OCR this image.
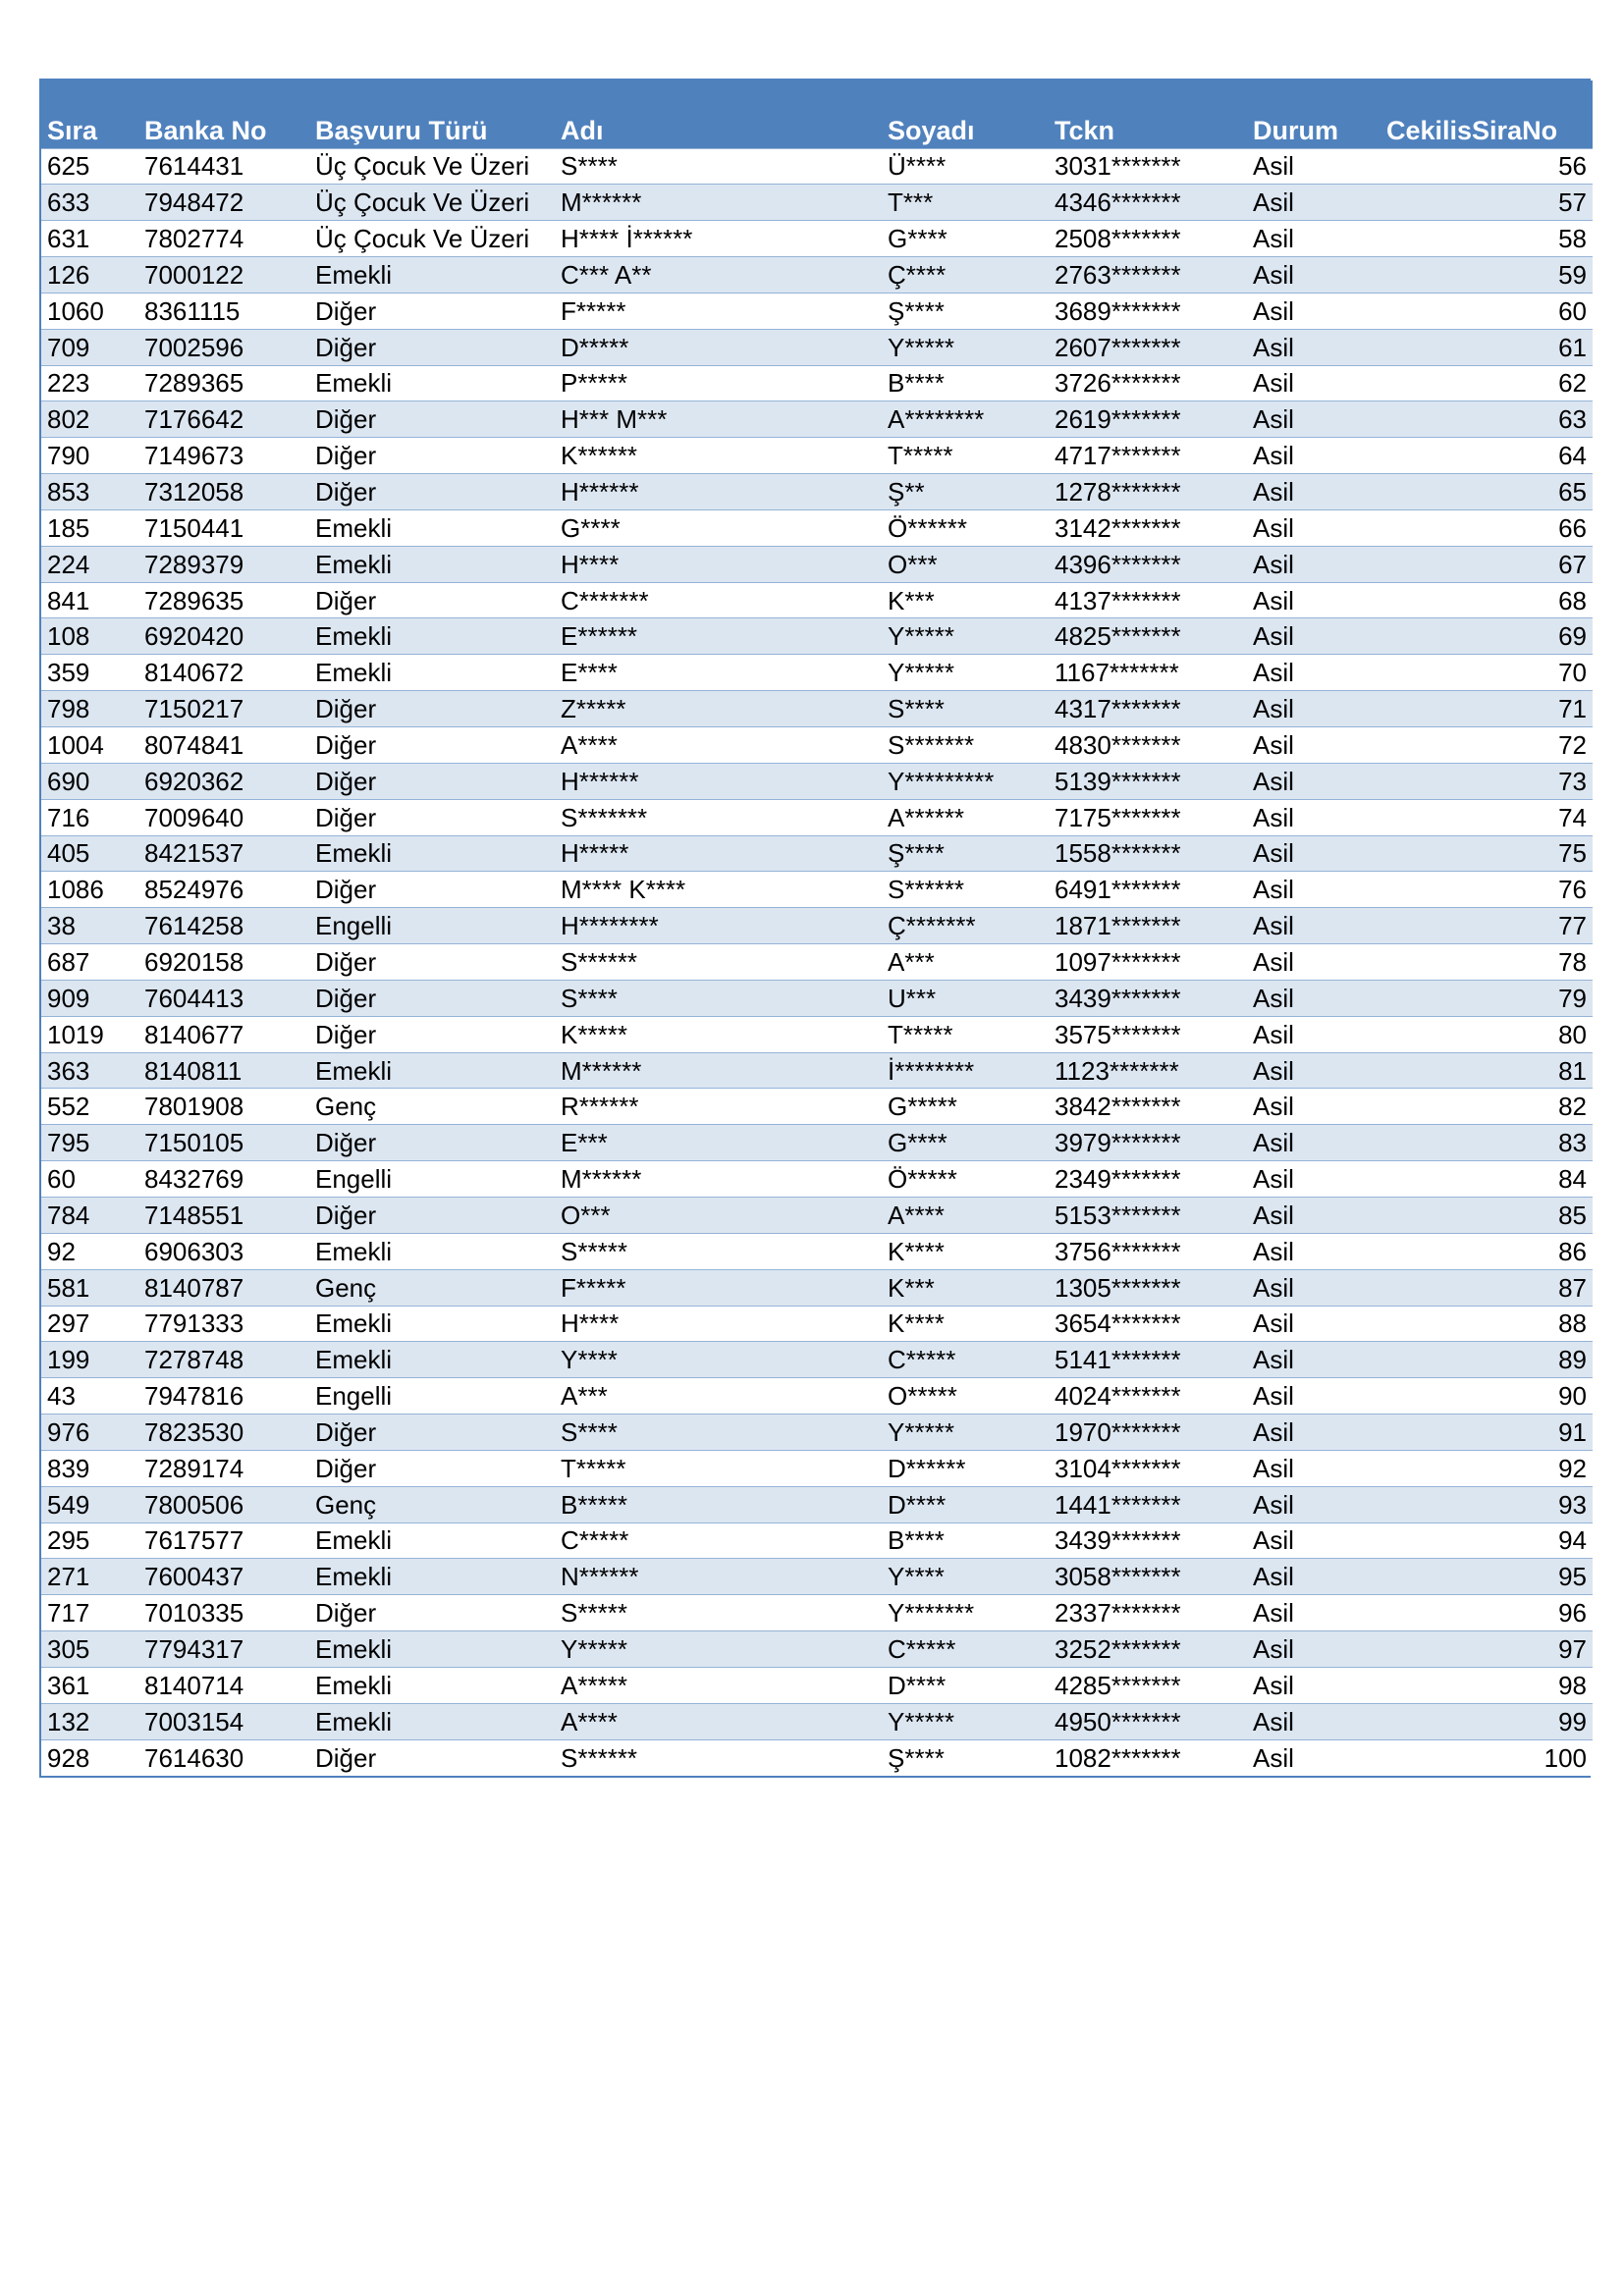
Sıra	Banka No	Başvuru Türü	Adı	Soyadı	Tckn	Durum	CekilisSiraNo
625	7614431	Üç Çocuk Ve Üzeri	S****	Ü****	3031*******	Asil	56
633	7948472	Üç Çocuk Ve Üzeri	M******	T***	4346*******	Asil	57
631	7802774	Üç Çocuk Ve Üzeri	H**** İ******	G****	2508*******	Asil	58
126	7000122	Emekli	C*** A**	Ç****	2763*******	Asil	59
1060	8361115	Diğer	F*****	Ş****	3689*******	Asil	60
709	7002596	Diğer	D*****	Y*****	2607*******	Asil	61
223	7289365	Emekli	P*****	B****	3726*******	Asil	62
802	7176642	Diğer	H*** M***	A********	2619*******	Asil	63
790	7149673	Diğer	K******	T*****	4717*******	Asil	64
853	7312058	Diğer	H******	Ş**	1278*******	Asil	65
185	7150441	Emekli	G****	Ö******	3142*******	Asil	66
224	7289379	Emekli	H****	O***	4396*******	Asil	67
841	7289635	Diğer	C*******	K***	4137*******	Asil	68
108	6920420	Emekli	E******	Y*****	4825*******	Asil	69
359	8140672	Emekli	E****	Y*****	1167*******	Asil	70
798	7150217	Diğer	Z*****	S****	4317*******	Asil	71
1004	8074841	Diğer	A****	S*******	4830*******	Asil	72
690	6920362	Diğer	H******	Y*********	5139*******	Asil	73
716	7009640	Diğer	S*******	A******	7175*******	Asil	74
405	8421537	Emekli	H*****	Ş****	1558*******	Asil	75
1086	8524976	Diğer	M**** K****	S******	6491*******	Asil	76
38	7614258	Engelli	H********	Ç*******	1871*******	Asil	77
687	6920158	Diğer	S******	A***	1097*******	Asil	78
909	7604413	Diğer	S****	U***	3439*******	Asil	79
1019	8140677	Diğer	K*****	T*****	3575*******	Asil	80
363	8140811	Emekli	M******	İ********	1123*******	Asil	81
552	7801908	Genç	R******	G*****	3842*******	Asil	82
795	7150105	Diğer	E***	G****	3979*******	Asil	83
60	8432769	Engelli	M******	Ö*****	2349*******	Asil	84
784	7148551	Diğer	O***	A****	5153*******	Asil	85
92	6906303	Emekli	S*****	K****	3756*******	Asil	86
581	8140787	Genç	F*****	K***	1305*******	Asil	87
297	7791333	Emekli	H****	K****	3654*******	Asil	88
199	7278748	Emekli	Y****	C*****	5141*******	Asil	89
43	7947816	Engelli	A***	O*****	4024*******	Asil	90
976	7823530	Diğer	S****	Y*****	1970*******	Asil	91
839	7289174	Diğer	T*****	D******	3104*******	Asil	92
549	7800506	Genç	B*****	D****	1441*******	Asil	93
295	7617577	Emekli	C*****	B****	3439*******	Asil	94
271	7600437	Emekli	N******	Y****	3058*******	Asil	95
717	7010335	Diğer	S*****	Y*******	2337*******	Asil	96
305	7794317	Emekli	Y*****	C*****	3252*******	Asil	97
361	8140714	Emekli	A*****	D****	4285*******	Asil	98
132	7003154	Emekli	A****	Y*****	4950*******	Asil	99
928	7614630	Diğer	S******	Ş****	1082*******	Asil	100
